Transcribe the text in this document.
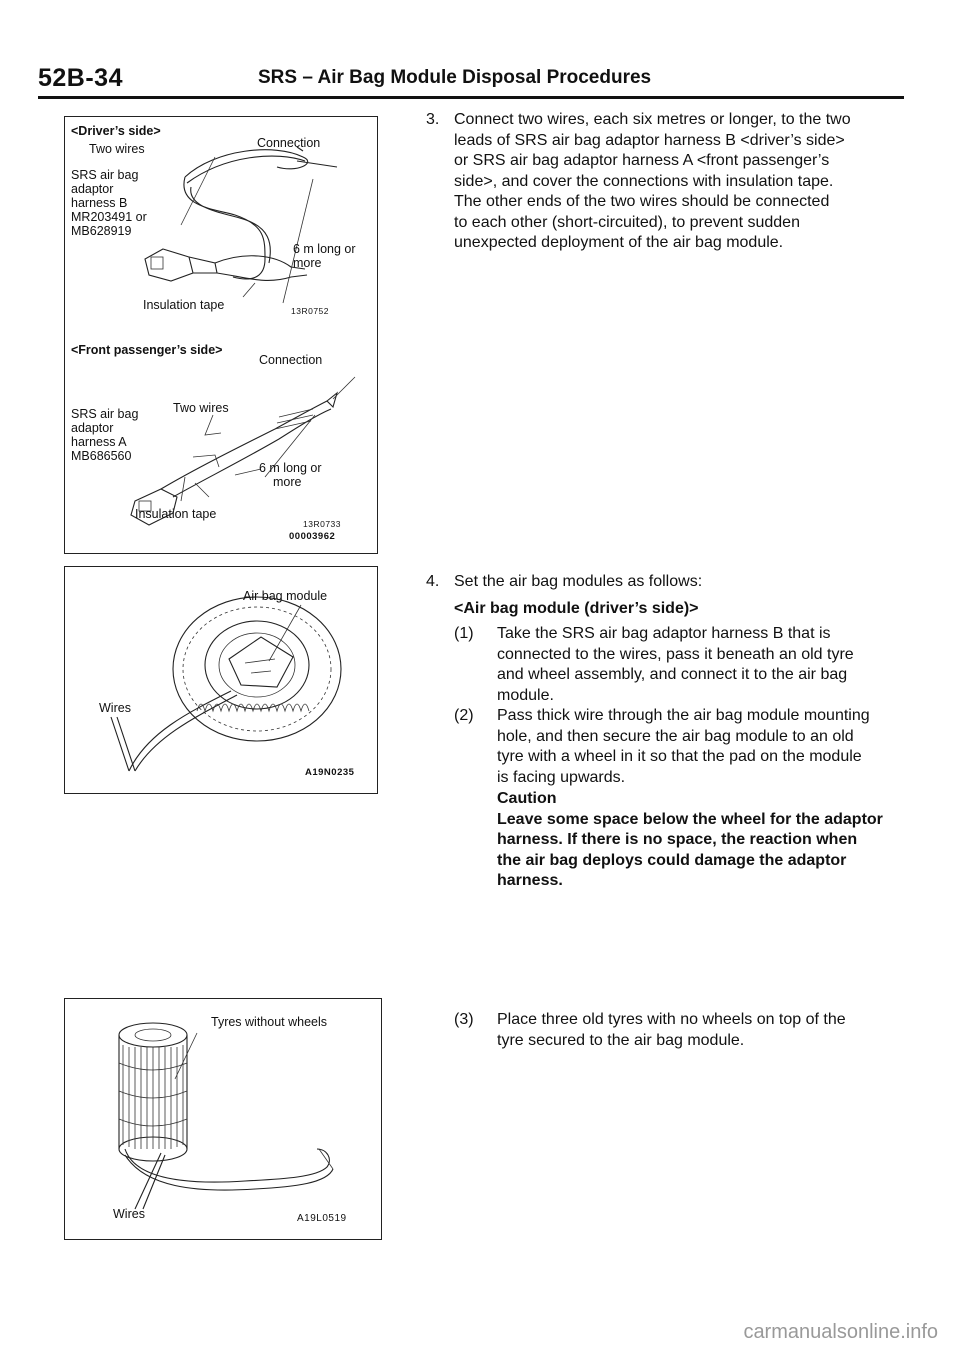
52B-34	SRS – Air Bag Module Disposal Procedures
<Driver’s side>
Connection
Two wires
SRS air bag
adaptor
harness B
MR203491 or
MB628919
6 m long or
more
Insulation tape	13R0752
<Front passenger’s side>
Connection
Two wires
SRS air bag
adaptor
harness A
MB686560
6 m long or
more
Insulation tape
13R0733
00003962
Air bag module
Wires
A19N0235
Tyres without wheels
Wires	A19L0519
3. Connect two wires, each six metres or longer, to the two
leads of SRS air bag adaptor harness B <driver’s side>
or SRS air bag adaptor harness A <front passenger’s
side>, and cover the connections with insulation tape.
The other ends of the two wires should be connected
to each other (short-circuited), to prevent sudden
unexpected deployment of the air bag module.
4. Set the air bag modules as follows:
<Air bag module (driver’s side)>
(1) Take the SRS air bag adaptor harness B that is
connected to the wires, pass it beneath an old tyre
and wheel assembly, and connect it to the air bag
module.
(2) Pass thick wire through the air bag module mounting
hole, and then secure the air bag module to an old
tyre with a wheel in it so that the pad on the module
is facing upwards.
Caution
Leave some space below the wheel for the adaptor
harness. If there is no space, the reaction when
the air bag deploys could damage the adaptor
harness.
(3) Place three old tyres with no wheels on top of the
tyre secured to the air bag module.
carmanualsonline.info
